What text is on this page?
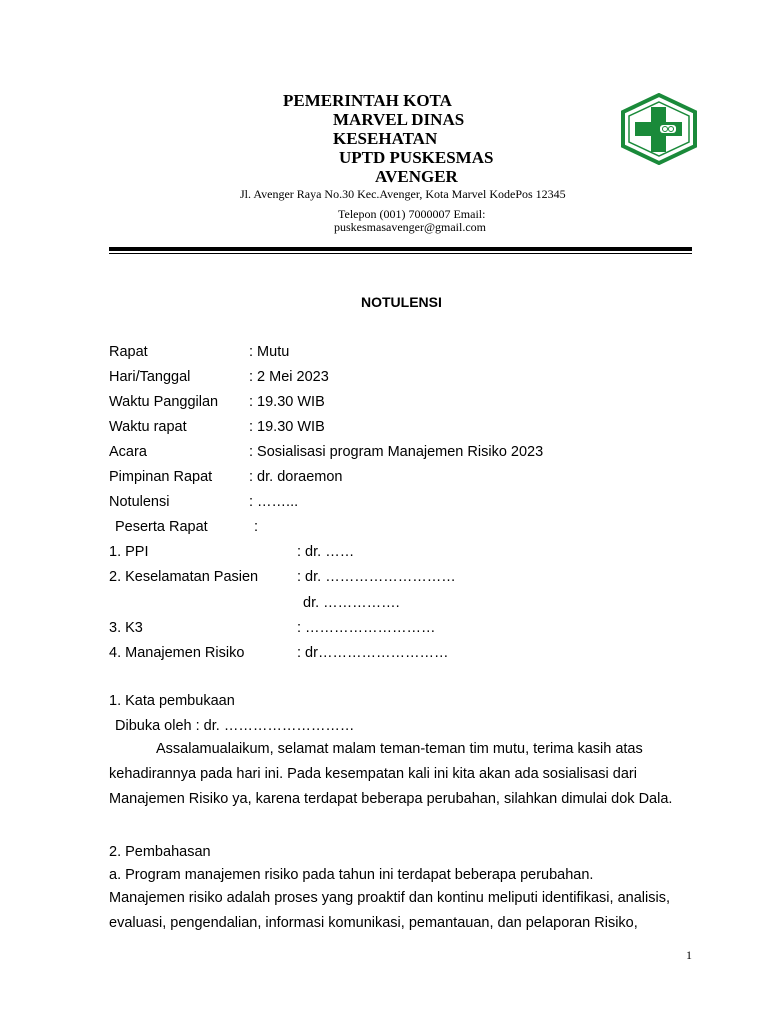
PEMERINTAH KOTA
MARVEL DINAS
KESEHATAN
UPTD PUSKESMAS
AVENGER
Jl. Avenger Raya No.30 Kec.Avenger, Kota Marvel KodePos 12345
Telepon (001) 7000007 Email:
puskesmasavenger@gmail.com
NOTULENSI
Rapat	: Mutu
Hari/Tanggal	: 2 Mei 2023
Waktu Panggilan : 19.30 WIB
Waktu rapat	: 19.30 WIB
Acara	: Sosialisasi program Manajemen Risiko 2023
Pimpinan Rapat	: dr. doraemon
Notulensi	: ……...
Peserta Rapat	:
1. PPI	: dr. ……
2. Keselamatan Pasien	: dr. ………………………
dr. …………….
3. K3	: ………………………
4. Manajemen Risiko	: dr………………………
1. Kata pembukaan
Dibuka oleh : dr. ………………………
Assalamualaikum, selamat malam teman-teman tim mutu, terima kasih atas kehadirannya pada hari ini. Pada kesempatan kali ini kita akan ada sosialisasi dari Manajemen Risiko ya, karena terdapat beberapa perubahan, silahkan dimulai dok Dala.
2. Pembahasan
a. Program manajemen risiko pada tahun ini terdapat beberapa perubahan.
Manajemen risiko adalah proses yang proaktif dan kontinu meliputi identifikasi, analisis, evaluasi, pengendalian, informasi komunikasi, pemantauan, dan pelaporan Risiko,
1
